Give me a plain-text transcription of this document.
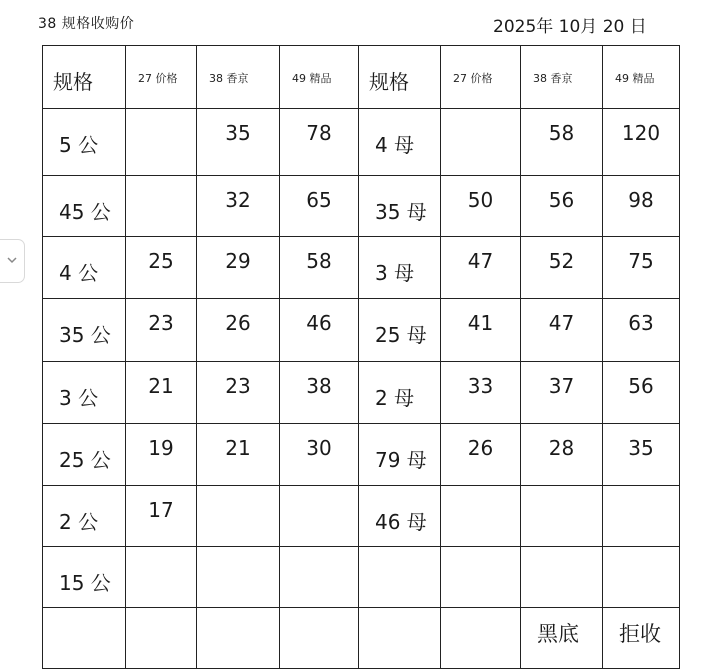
38 规格收购价	2025年 10月 20 日
规格	27 价格	38 香京	49 精品	规格	27 价格	38 香京	49 精品

5 公		35	78	4 母		58	120

45 公		32	65	35 母	50	56	98

4 公	25	29	58	3 母	47	52	75

35 公	23	26	46	25 母	41	47	63

3 公	21	23	38	2 母	33	37	56

25 公	19	21	30	79 母	26	28	35

2 公	17			46 母			

15 公							

						黑底	拒收
